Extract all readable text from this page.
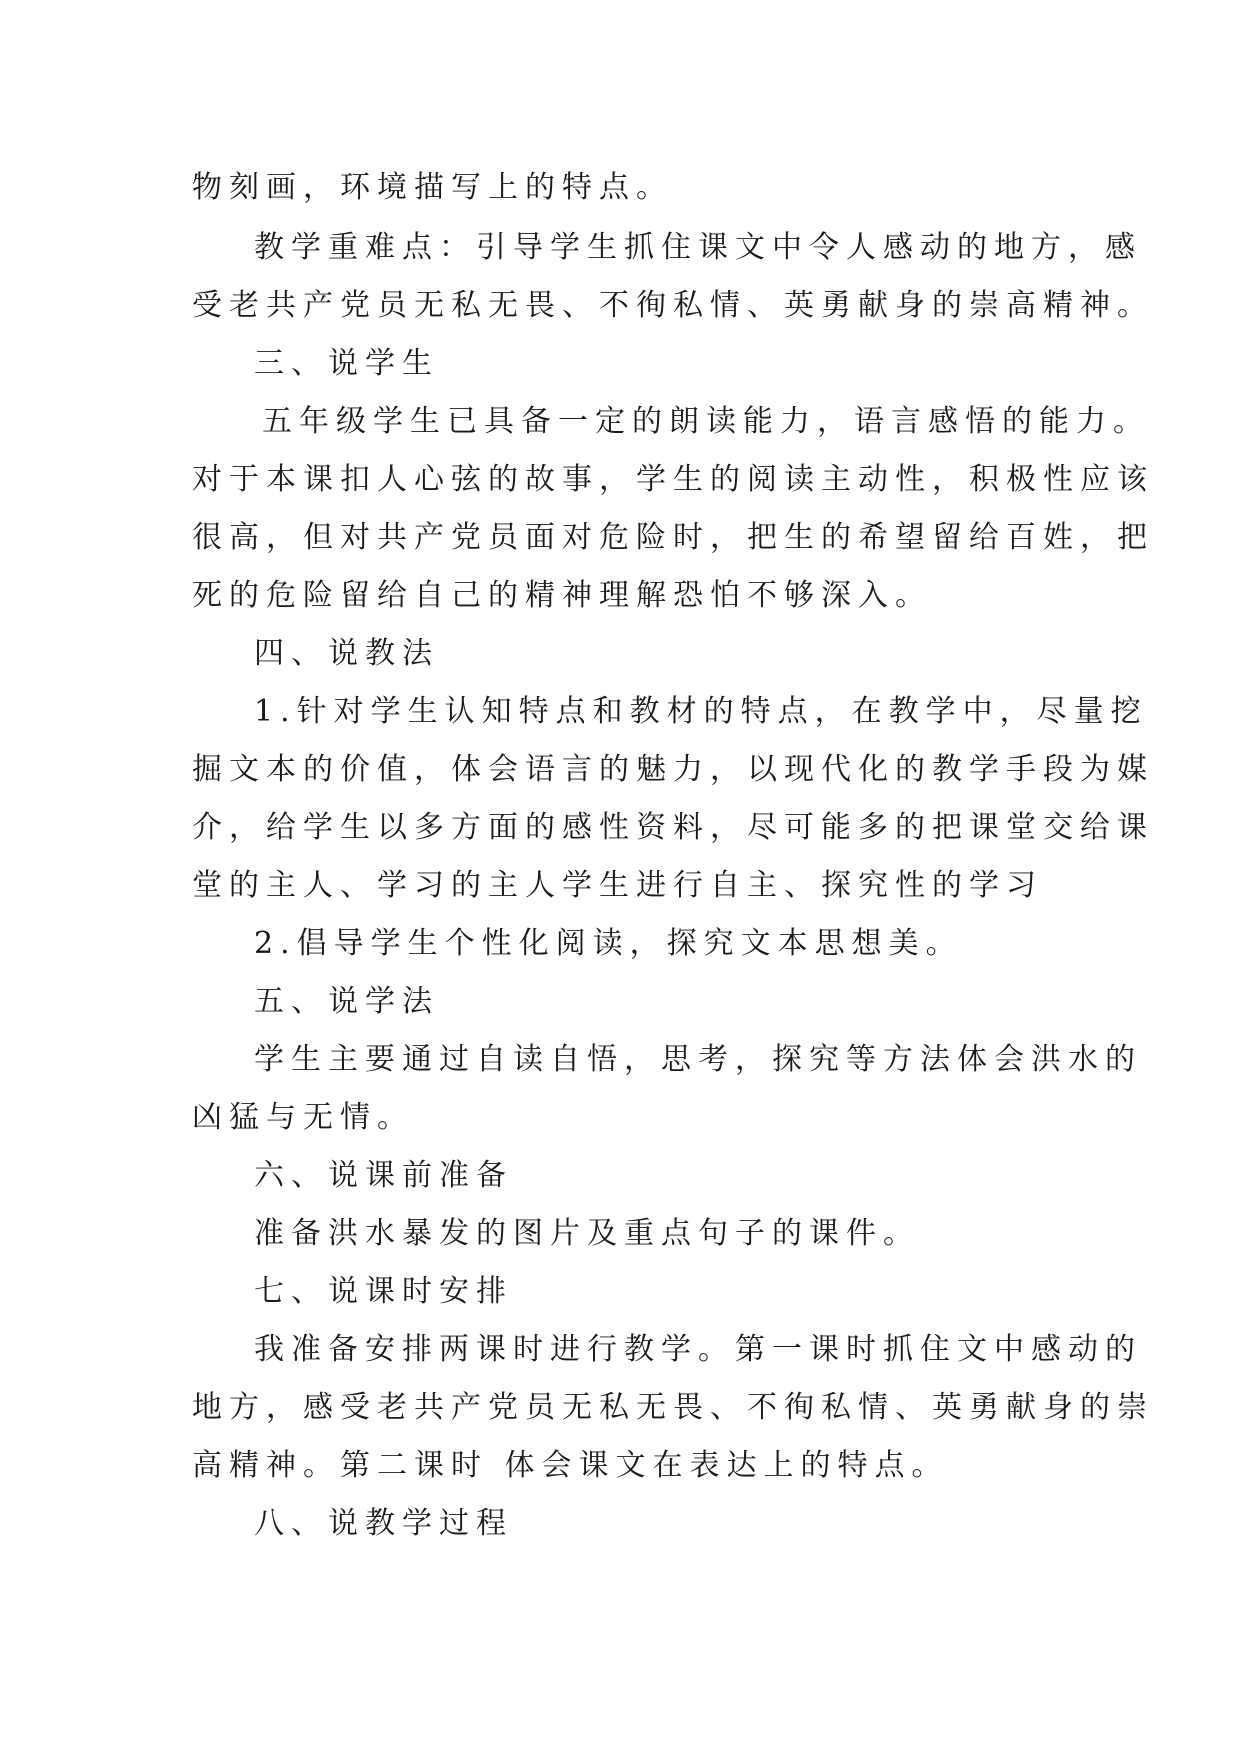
物刻画，环境描写上的特点。
教学重难点：引导学生抓住课文中令人感动的地方，感
受老共产党员无私无畏、不徇私情、英勇献身的崇高精神。
三、说学生
五年级学生已具备一定的朗读能力，语言感悟的能力。
对于本课扣人心弦的故事，学生的阅读主动性，积极性应该
很高，但对共产党员面对危险时，把生的希望留给百姓，把
死的危险留给自己的精神理解恐怕不够深入。
四、说教法
1.针对学生认知特点和教材的特点，在教学中，尽量挖
掘文本的价值，体会语言的魅力，以现代化的教学手段为媒
介，给学生以多方面的感性资料，尽可能多的把课堂交给课
堂的主人、学习的主人学生进行自主、探究性的学习
2.倡导学生个性化阅读，探究文本思想美。
五、说学法
学生主要通过自读自悟，思考，探究等方法体会洪水的
凶猛与无情。
六、说课前准备
准备洪水暴发的图片及重点句子的课件。
七、说课时安排
我准备安排两课时进行教学。第一课时抓住文中感动的
地方，感受老共产党员无私无畏、不徇私情、英勇献身的崇
高精神。第二课时 体会课文在表达上的特点。
八、说教学过程
